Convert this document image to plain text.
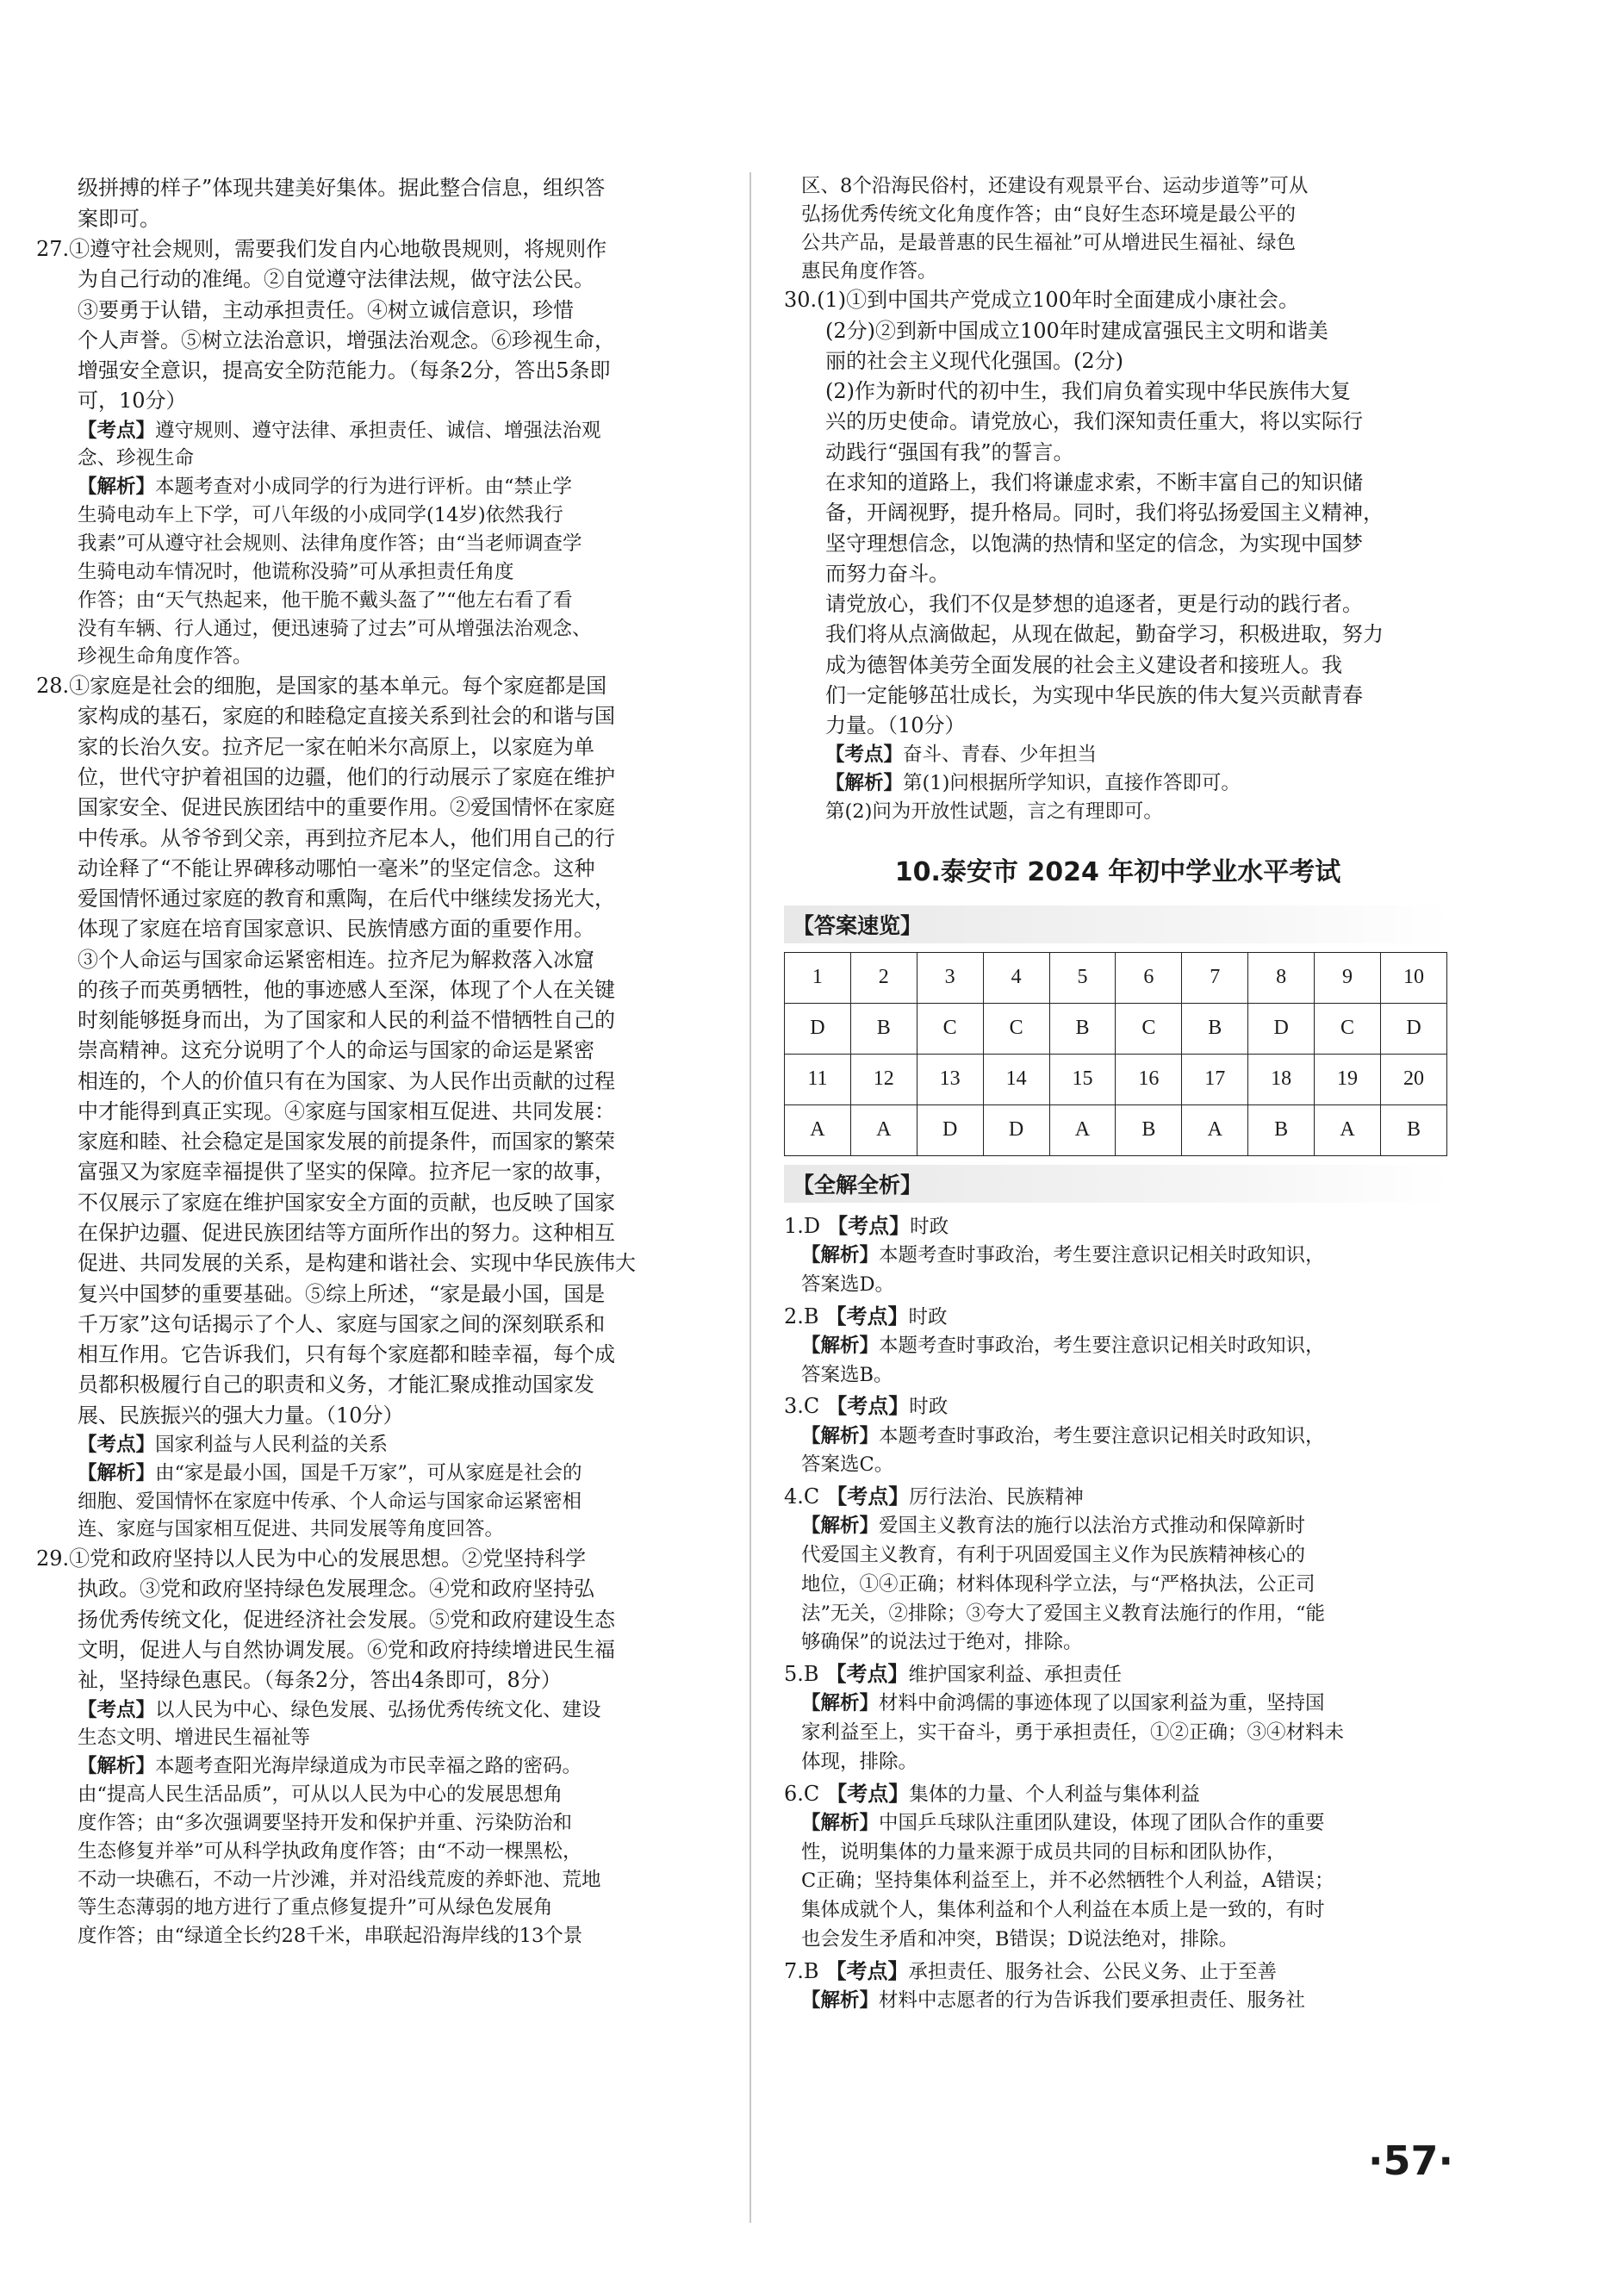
级拼搏的样子”体现共建美好集体。据此整合信息，组织答

案即可。

27.①遵守社会规则，需要我们发自内心地敬畏规则，将规则作

为自己行动的准绳。②自觉遵守法律法规，做守法公民。

③要勇于认错，主动承担责任。④树立诚信意识，珍惜

个人声誉。⑤树立法治意识，增强法治观念。⑥珍视生命，

增强安全意识，提高安全防范能力。（每条2分，答出5条即

可，10分）

【考点】遵守规则、遵守法律、承担责任、诚信、增强法治观

念、珍视生命

【解析】本题考查对小成同学的行为进行评析。由“禁止学

生骑电动车上下学，可八年级的小成同学(14岁)依然我行

我素”可从遵守社会规则、法律角度作答；由“当老师调查学

生骑电动车情况时，他谎称没骑”可从承担责任角度

作答；由“天气热起来，他干脆不戴头盔了”“他左右看了看

没有车辆、行人通过，便迅速骑了过去”可从增强法治观念、

珍视生命角度作答。

28.①家庭是社会的细胞，是国家的基本单元。每个家庭都是国

家构成的基石，家庭的和睦稳定直接关系到社会的和谐与国

家的长治久安。拉齐尼一家在帕米尔高原上，以家庭为单

位，世代守护着祖国的边疆，他们的行动展示了家庭在维护

国家安全、促进民族团结中的重要作用。②爱国情怀在家庭

中传承。从爷爷到父亲，再到拉齐尼本人，他们用自己的行

动诠释了“不能让界碑移动哪怕一毫米”的坚定信念。这种

爱国情怀通过家庭的教育和熏陶，在后代中继续发扬光大，

体现了家庭在培育国家意识、民族情感方面的重要作用。

③个人命运与国家命运紧密相连。拉齐尼为解救落入冰窟

的孩子而英勇牺牲，他的事迹感人至深，体现了个人在关键

时刻能够挺身而出，为了国家和人民的利益不惜牺牲自己的

崇高精神。这充分说明了个人的命运与国家的命运是紧密

相连的，个人的价值只有在为国家、为人民作出贡献的过程

中才能得到真正实现。④家庭与国家相互促进、共同发展：

家庭和睦、社会稳定是国家发展的前提条件，而国家的繁荣

富强又为家庭幸福提供了坚实的保障。拉齐尼一家的故事，

不仅展示了家庭在维护国家安全方面的贡献，也反映了国家

在保护边疆、促进民族团结等方面所作出的努力。这种相互

促进、共同发展的关系，是构建和谐社会、实现中华民族伟大

复兴中国梦的重要基础。⑤综上所述，“家是最小国，国是

千万家”这句话揭示了个人、家庭与国家之间的深刻联系和

相互作用。它告诉我们，只有每个家庭都和睦幸福，每个成

员都积极履行自己的职责和义务，才能汇聚成推动国家发

展、民族振兴的强大力量。（10分）

【考点】国家利益与人民利益的关系

【解析】由“家是最小国，国是千万家”，可从家庭是社会的

细胞、爱国情怀在家庭中传承、个人命运与国家命运紧密相

连、家庭与国家相互促进、共同发展等角度回答。

29.①党和政府坚持以人民为中心的发展思想。②党坚持科学

执政。③党和政府坚持绿色发展理念。④党和政府坚持弘

扬优秀传统文化，促进经济社会发展。⑤党和政府建设生态

文明，促进人与自然协调发展。⑥党和政府持续增进民生福

祉，坚持绿色惠民。（每条2分，答出4条即可，8分）

【考点】以人民为中心、绿色发展、弘扬优秀传统文化、建设

生态文明、增进民生福祉等

【解析】本题考查阳光海岸绿道成为市民幸福之路的密码。

由“提高人民生活品质”，可从以人民为中心的发展思想角

度作答；由“多次强调要坚持开发和保护并重、污染防治和

生态修复并举”可从科学执政角度作答；由“不动一棵黑松，

不动一块礁石，不动一片沙滩，并对沿线荒废的养虾池、荒地

等生态薄弱的地方进行了重点修复提升”可从绿色发展角

度作答；由“绿道全长约28千米，串联起沿海岸线的13个景

区、8个沿海民俗村，还建设有观景平台、运动步道等”可从

弘扬优秀传统文化角度作答；由“良好生态环境是最公平的

公共产品，是最普惠的民生福祉”可从增进民生福祉、绿色

惠民角度作答。

30.(1)①到中国共产党成立100年时全面建成小康社会。

(2分)②到新中国成立100年时建成富强民主文明和谐美

丽的社会主义现代化强国。(2分)

(2)作为新时代的初中生，我们肩负着实现中华民族伟大复

兴的历史使命。请党放心，我们深知责任重大，将以实际行

动践行“强国有我”的誓言。

在求知的道路上，我们将谦虚求索，不断丰富自己的知识储

备，开阔视野，提升格局。同时，我们将弘扬爱国主义精神，

坚守理想信念，以饱满的热情和坚定的信念，为实现中国梦

而努力奋斗。

请党放心，我们不仅是梦想的追逐者，更是行动的践行者。

我们将从点滴做起，从现在做起，勤奋学习，积极进取，努力

成为德智体美劳全面发展的社会主义建设者和接班人。我

们一定能够茁壮成长，为实现中华民族的伟大复兴贡献青春

力量。（10分）

【考点】奋斗、青春、少年担当

【解析】第(1)问根据所学知识，直接作答即可。

第(2)问为开放性试题，言之有理即可。

10.泰安市 2024 年初中学业水平考试
【答案速览】
1	2	3	4	5	6	7	8	9	10
D	B	C	C	B	C	B	D	C	D
11	12	13	14	15	16	17	18	19	20
A	A	D	D	A	B	A	B	A	B
【全解全析】

1.D 【考点】时政

【解析】本题考查时事政治，考生要注意识记相关时政知识，

答案选D。

2.B 【考点】时政

【解析】本题考查时事政治，考生要注意识记相关时政知识，

答案选B。

3.C 【考点】时政

【解析】本题考查时事政治，考生要注意识记相关时政知识，

答案选C。

4.C 【考点】厉行法治、民族精神

【解析】爱国主义教育法的施行以法治方式推动和保障新时

代爱国主义教育，有利于巩固爱国主义作为民族精神核心的

地位，①④正确；材料体现科学立法，与“严格执法，公正司

法”无关，②排除；③夸大了爱国主义教育法施行的作用，“能

够确保”的说法过于绝对，排除。

5.B 【考点】维护国家利益、承担责任

【解析】材料中俞鸿儒的事迹体现了以国家利益为重，坚持国

家利益至上，实干奋斗，勇于承担责任，①②正确；③④材料未

体现，排除。

6.C 【考点】集体的力量、个人利益与集体利益

【解析】中国乒乓球队注重团队建设，体现了团队合作的重要

性，说明集体的力量来源于成员共同的目标和团队协作，

C正确；坚持集体利益至上，并不必然牺牲个人利益，A错误；

集体成就个人，集体利益和个人利益在本质上是一致的，有时

也会发生矛盾和冲突，B错误；D说法绝对，排除。

7.B 【考点】承担责任、服务社会、公民义务、止于至善

【解析】材料中志愿者的行为告诉我们要承担责任、服务社

·57·
